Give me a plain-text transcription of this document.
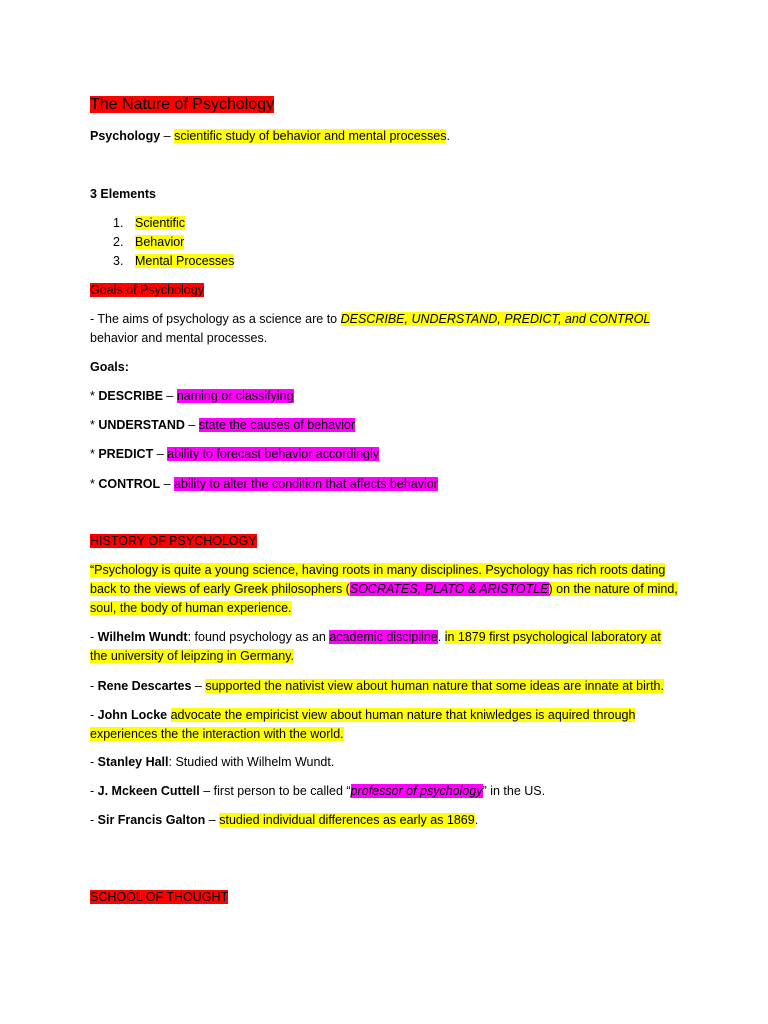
The Nature of Psychology
Psychology – scientific study of behavior and mental processes.
3 Elements
1. Scientific
2. Behavior
3. Mental Processes
Goals of Psychology
- The aims of psychology as a science are to DESCRIBE, UNDERSTAND, PREDICT, and CONTROL behavior and mental processes.
Goals:
* DESCRIBE – naming or classifying
* UNDERSTAND – state the causes of behavior
* PREDICT – ability to forecast behavior accordingly
* CONTROL – ability to alter the condition that affects behavior
HISTORY OF PSYCHOLOGY
“Psychology is quite a young science, having roots in many disciplines. Psychology has rich roots dating back to the views of early Greek philosophers (SOCRATES, PLATO & ARISTOTLE) on the nature of mind, soul, the body of human experience.
- Wilhelm Wundt: found psychology as an academic discipline. in 1879 first psychological laboratory at the university of leipzing in Germany.
- Rene Descartes – supported the nativist view about human nature that some ideas are innate at birth.
- John Locke advocate the empiricist view about human nature that kniwledges is aquired through experiences the the interaction with the world.
- Stanley Hall: Studied with Wilhelm Wundt.
- J. Mckeen Cuttell – first person to be called “professor of psychology” in the US.
- Sir Francis Galton – studied individual differences as early as 1869.
SCHOOL OF THOUGHT
